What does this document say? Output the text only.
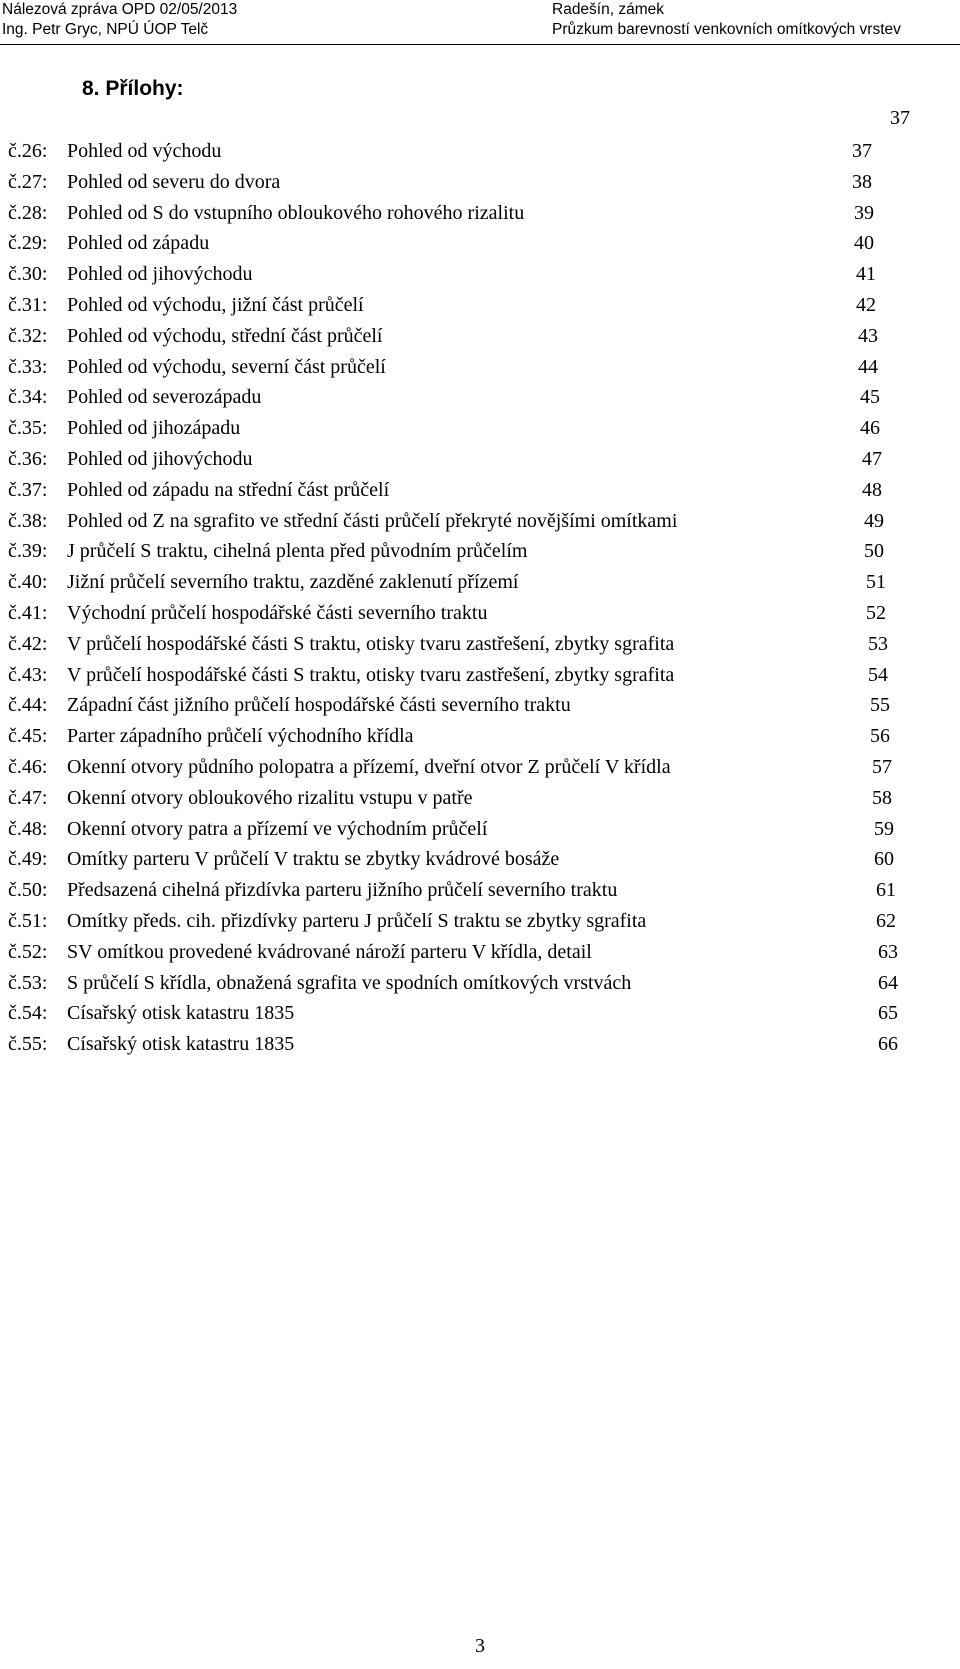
Nálezová zpráva OPD 02/05/2013
Ing. Petr Gryc, NPÚ ÚOP Telč
Radešín, zámek
Průzkum barevností venkovních omítkových vrstev
8. Přílohy:
37
č.26: Pohled od východu	37
č.27: Pohled od severu do dvora	38
č.28: Pohled od S do vstupního obloukového rohového rizalitu	39
č.29: Pohled od západu	40
č.30: Pohled od jihovýchodu	41
č.31: Pohled od východu, jižní část průčelí	42
č.32: Pohled od východu, střední část průčelí	43
č.33: Pohled od východu, severní část průčelí	44
č.34: Pohled od severozápadu	45
č.35: Pohled od jihozápadu	46
č.36: Pohled od jihovýchodu	47
č.37: Pohled od západu na střední část průčelí	48
č.38: Pohled od Z na sgrafito ve střední části průčelí překryté novějšími omítkami	49
č.39: J průčelí S traktu, cihelná plenta před původním průčelím	50
č.40: Jižní průčelí severního traktu, zazděné zaklenutí přízemí	51
č.41: Východní průčelí hospodářské části severního traktu	52
č.42: V průčelí hospodářské části S traktu, otisky tvaru zastřešení, zbytky sgrafita	53
č.43: V průčelí hospodářské části S traktu, otisky tvaru zastřešení, zbytky sgrafita	54
č.44: Západní část jižního průčelí hospodářské části severního traktu	55
č.45: Parter západního průčelí východního křídla	56
č.46: Okenní otvory půdního polopatra a přízemí, dveřní otvor Z průčelí V křídla	57
č.47: Okenní otvory obloukového rizalitu vstupu v patře	58
č.48: Okenní otvory patra a přízemí ve východním průčelí	59
č.49: Omítky parteru V průčelí V traktu se zbytky kvádrové bosáže	60
č.50: Předsazená cihelná přizdívka parteru jižního průčelí severního traktu	61
č.51: Omítky předs. cih. přizdívky parteru J průčelí S traktu se zbytky sgrafita	62
č.52: SV omítkou provedené kvádrované nároží parteru V křídla, detail	63
č.53: S průčelí S křídla, obnažená sgrafita ve spodních omítkových vrstvách	64
č.54: Císařský otisk katastru 1835	65
č.55: Císařský otisk katastru 1835	66
3
